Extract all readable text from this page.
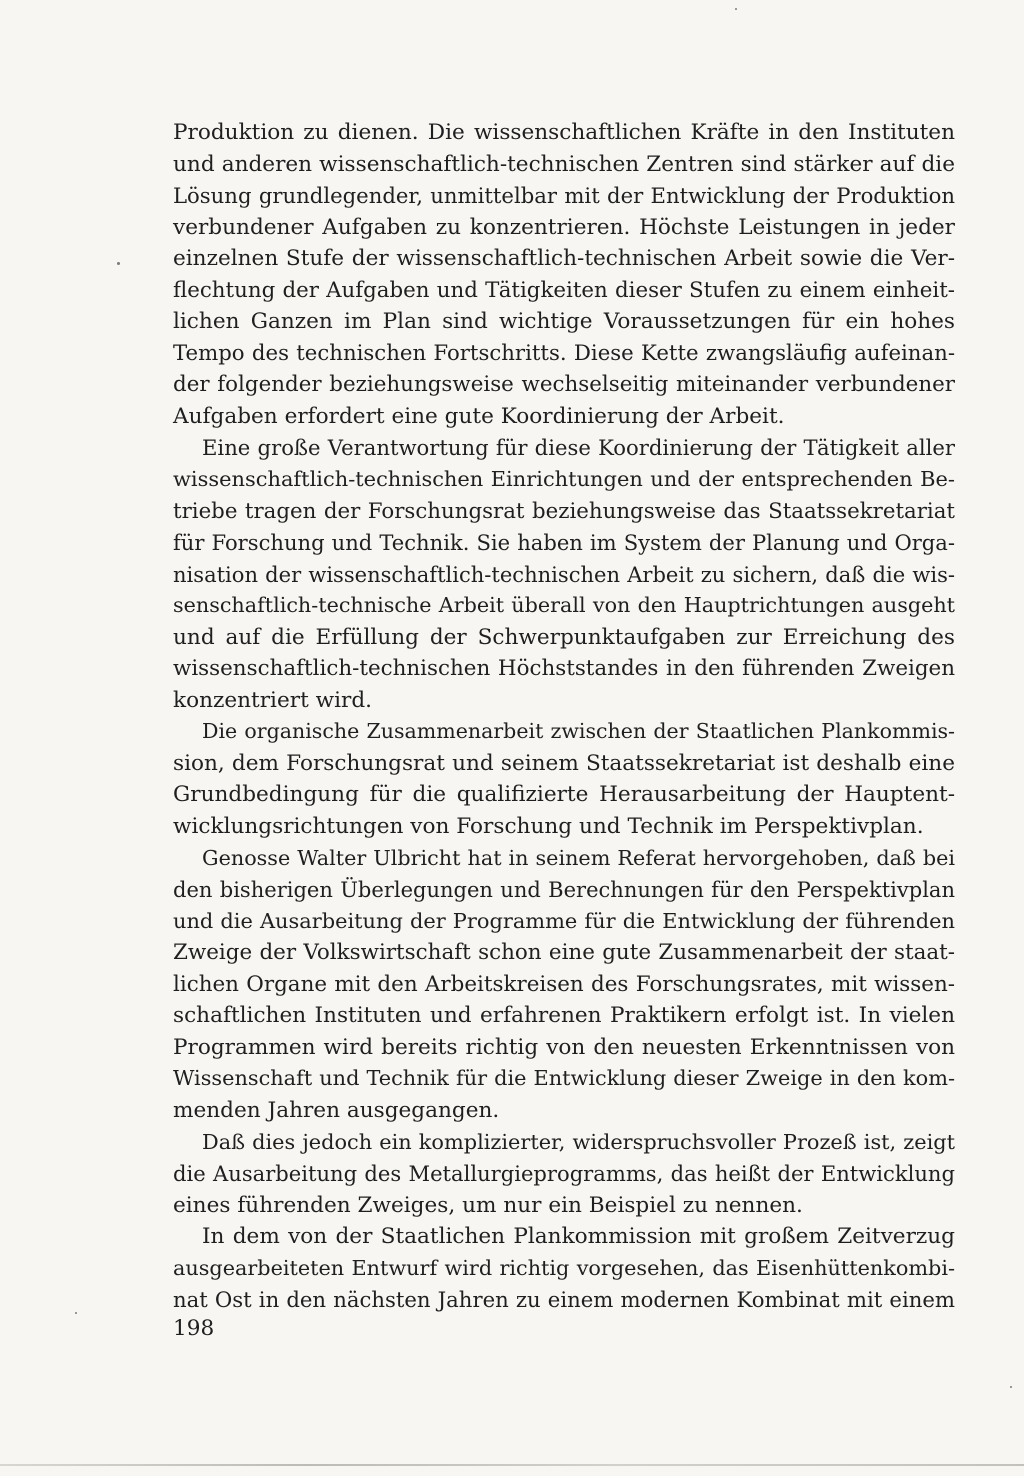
Produktion zu dienen. Die wissenschaftlichen Kräfte in den Instituten
und anderen wissenschaftlich-technischen Zentren sind stärker auf die
Lösung grundlegender, unmittelbar mit der Entwicklung der Produktion
verbundener Aufgaben zu konzentrieren. Höchste Leistungen in jeder
einzelnen Stufe der wissenschaftlich-technischen Arbeit sowie die Ver-
flechtung der Aufgaben und Tätigkeiten dieser Stufen zu einem einheit-
lichen Ganzen im Plan sind wichtige Voraussetzungen für ein hohes
Tempo des technischen Fortschritts. Diese Kette zwangsläufig aufeinan-
der folgender beziehungsweise wechselseitig miteinander verbundener
Aufgaben erfordert eine gute Koordinierung der Arbeit.
Eine große Verantwortung für diese Koordinierung der Tätigkeit aller
wissenschaftlich-technischen Einrichtungen und der entsprechenden Be-
triebe tragen der Forschungsrat beziehungsweise das Staatssekretariat
für Forschung und Technik. Sie haben im System der Planung und Orga-
nisation der wissenschaftlich-technischen Arbeit zu sichern, daß die wis-
senschaftlich-technische Arbeit überall von den Hauptrichtungen ausgeht
und auf die Erfüllung der Schwerpunktaufgaben zur Erreichung des
wissenschaftlich-technischen Höchststandes in den führenden Zweigen
konzentriert wird.
Die organische Zusammenarbeit zwischen der Staatlichen Plankommis-
sion, dem Forschungsrat und seinem Staatssekretariat ist deshalb eine
Grundbedingung für die qualifizierte Herausarbeitung der Hauptent-
wicklungsrichtungen von Forschung und Technik im Perspektivplan.
Genosse Walter Ulbricht hat in seinem Referat hervorgehoben, daß bei
den bisherigen Überlegungen und Berechnungen für den Perspektivplan
und die Ausarbeitung der Programme für die Entwicklung der führenden
Zweige der Volkswirtschaft schon eine gute Zusammenarbeit der staat-
lichen Organe mit den Arbeitskreisen des Forschungsrates, mit wissen-
schaftlichen Instituten und erfahrenen Praktikern erfolgt ist. In vielen
Programmen wird bereits richtig von den neuesten Erkenntnissen von
Wissenschaft und Technik für die Entwicklung dieser Zweige in den kom-
menden Jahren ausgegangen.
Daß dies jedoch ein komplizierter, widerspruchsvoller Prozeß ist, zeigt
die Ausarbeitung des Metallurgieprogramms, das heißt der Entwicklung
eines führenden Zweiges, um nur ein Beispiel zu nennen.
In dem von der Staatlichen Plankommission mit großem Zeitverzug
ausgearbeiteten Entwurf wird richtig vorgesehen, das Eisenhüttenkombi-
nat Ost in den nächsten Jahren zu einem modernen Kombinat mit einem
198
